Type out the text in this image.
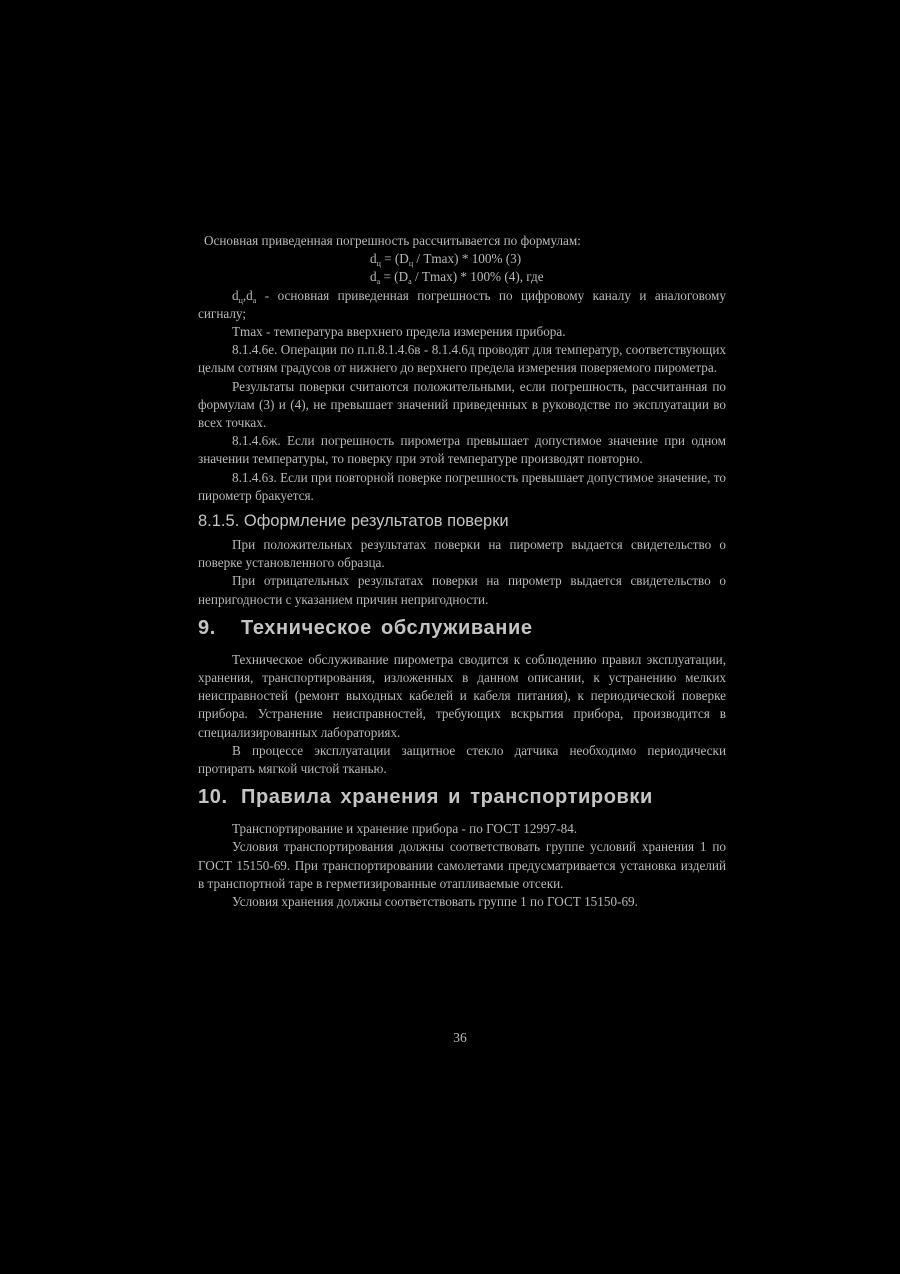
Основная приведенная погрешность рассчитывается по формулам:

$d_ц = (D_ц / Tmax) * 100\%$ (3)

$d_а = (D_а / Tmax) * 100\%$ (4), где

$d_ц,d_а$ - основная приведенная погрешность по цифровому каналу и аналоговому сигналу;

Tmax - температура вверхнего предела измерения прибора.

8.1.4.6е. Операции по п.п.8.1.4.6в - 8.1.4.6д проводят для температур, соответствующих целым сотням градусов от нижнего до верхнего предела измерения поверяемого пирометра.

Результаты поверки считаются положительными, если погрешность, рассчитанная по формулам (3) и (4), не превышает значений приведенных в руководстве по эксплуатации во всех точках.

8.1.4.6ж. Если погрешность пирометра превышает допустимое значение при одном значении температуры, то поверку при этой температуре производят повторно.

8.1.4.6з. Если при повторной поверке погрешность превышает допустимое значение, то пирометр бракуется.

8.1.5. Оформление результатов поверки

При положительных результатах поверки на пирометр выдается свидетельство о поверке установленного образца.

При отрицательных результатах поверки на пирометр выдается свидетельство о непригодности с указанием причин непригодности.

9. Техническое обслуживание

Техническое обслуживание пирометра сводится к соблюдению правил эксплуатации, хранения, транспортирования, изложенных в данном описании, к устранению мелких неисправностей (ремонт выходных кабелей и кабеля питания), к периодической поверке прибора. Устранение неисправностей, требующих вскрытия прибора, производится в специализированных лабораториях.

В процессе эксплуатации защитное стекло датчика необходимо периодически протирать мягкой чистой тканью.

10. Правила хранения и транспортировки

Транспортирование и хранение прибора - по ГОСТ 12997-84.

Условия транспортирования должны соответствовать группе условий хранения 1 по ГОСТ 15150-69. При транспортировании самолетами предусматривается установка изделий в транспортной таре в герметизированные отапливаемые отсеки.

Условия хранения должны соответствовать группе 1 по ГОСТ 15150-69.

36
